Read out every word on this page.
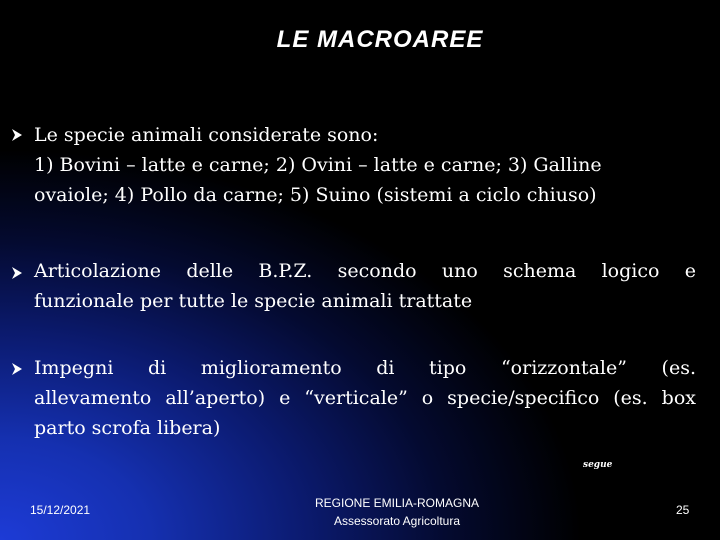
LE MACROAREE
Le specie animali considerate sono:
1) Bovini – latte e carne; 2) Ovini – latte e carne; 3) Galline
ovaiole; 4) Pollo da carne; 5) Suino (sistemi a ciclo chiuso)
Articolazione delle B.P.Z. secondo uno schema logico e
funzionale per tutte le specie animali trattate
Impegni di miglioramento di tipo “orizzontale” (es.
allevamento all’aperto) e “verticale” o specie/specifico (es. box
parto scrofa libera)
segue
15/12/2021	REGIONE EMILIA-ROMAGNA
Assessorato Agricoltura
25
